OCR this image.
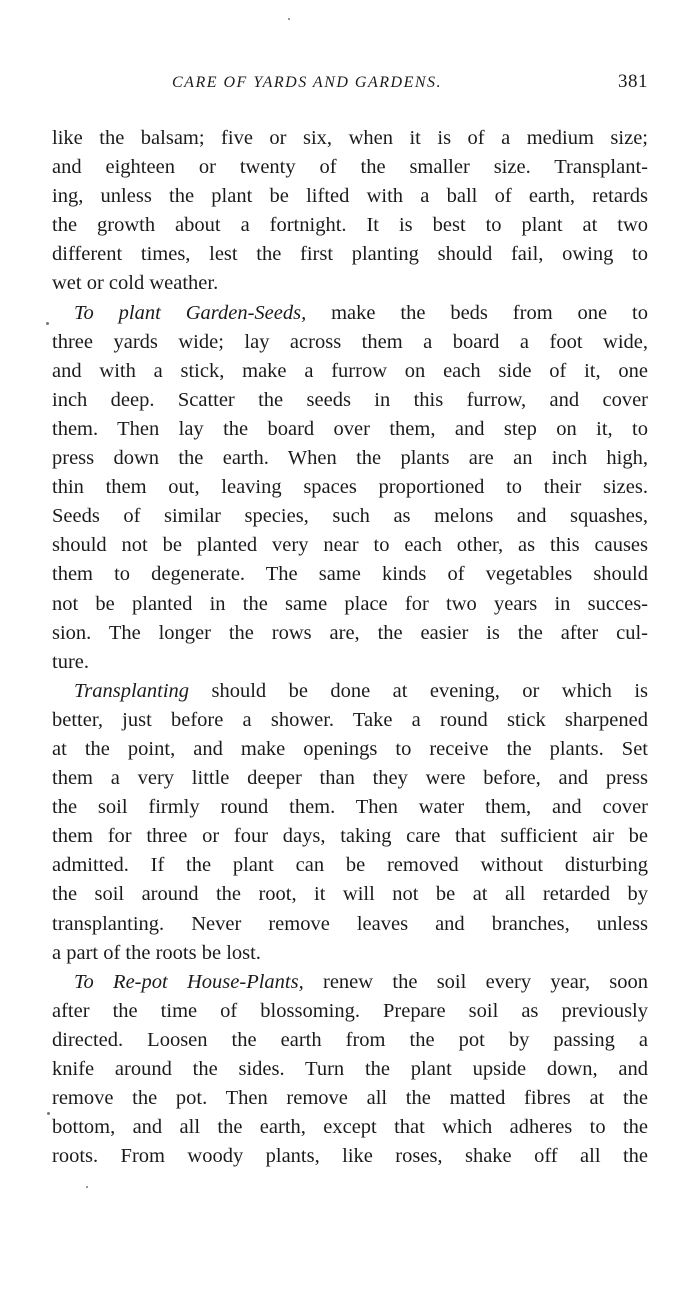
CARE OF YARDS AND GARDENS.	381
like the balsam; five or six, when it is of a medium size;
and eighteen or twenty of the smaller size. Transplant-
ing, unless the plant be lifted with a ball of earth, retards
the growth about a fortnight. It is best to plant at two
different times, lest the first planting should fail, owing to
wet or cold weather.
To plant Garden-Seeds, make the beds from one to
three yards wide; lay across them a board a foot wide,
and with a stick, make a furrow on each side of it, one
inch deep. Scatter the seeds in this furrow, and cover
them. Then lay the board over them, and step on it, to
press down the earth. When the plants are an inch high,
thin them out, leaving spaces proportioned to their sizes.
Seeds of similar species, such as melons and squashes,
should not be planted very near to each other, as this causes
them to degenerate. The same kinds of vegetables should
not be planted in the same place for two years in succes-
sion. The longer the rows are, the easier is the after cul-
ture.
Transplanting should be done at evening, or which is
better, just before a shower. Take a round stick sharpened
at the point, and make openings to receive the plants. Set
them a very little deeper than they were before, and press
the soil firmly round them. Then water them, and cover
them for three or four days, taking care that sufficient air be
admitted. If the plant can be removed without disturbing
the soil around the root, it will not be at all retarded by
transplanting. Never remove leaves and branches, unless
a part of the roots be lost.
To Re-pot House-Plants, renew the soil every year, soon
after the time of blossoming. Prepare soil as previously
directed. Loosen the earth from the pot by passing a
knife around the sides. Turn the plant upside down, and
remove the pot. Then remove all the matted fibres at the
bottom, and all the earth, except that which adheres to the
roots. From woody plants, like roses, shake off all the
